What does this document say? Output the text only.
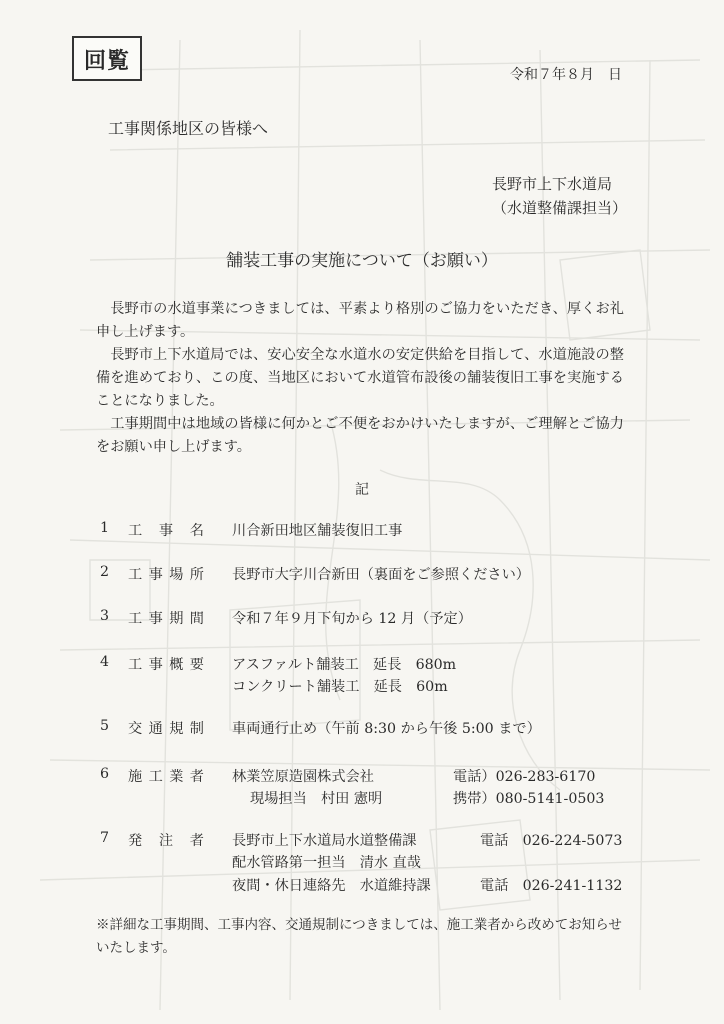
回覧
令和７年８月　日
工事関係地区の皆様へ
長野市上下水道局
（水道整備課担当）
舗装工事の実施について（お願い）

長野市の水道事業につきましては、平素より格別のご協力をいただき、厚くお礼申し上げます。

長野市上下水道局では、安心安全な水道水の安定供給を目指して、水道施設の整備を進めており、この度、当地区において水道管布設後の舗装復旧工事を実施することになりました。

工事期間中は地域の皆様に何かとご不便をおかけいたしますが、ご理解とご協力をお願い申し上げます。

記
1 工事名 川合新田地区舗装復旧工事
2 工事場所 長野市大字川合新田（裏面をご参照ください）
3 工事期間 令和７年９月下旬から 12 月（予定）
4 工事概要 アスファルト舗装工　延長　680m
コンクリート舗装工　延長　60m
5 交通規制 車両通行止め（午前 8:30 から午後 5:00 まで）
6 施工業者 林業笠原造園株式会社	電話）026-283-6170
現場担当　村田 憲明	携帯）080-5141-0503
7 発注者 長野市上下水道局水道整備課	電話　026-224-5073
配水管路第一担当　清水 直哉
夜間・休日連絡先　水道維持課	電話　026-241-1132
※詳細な工事期間、工事内容、交通規制につきましては、施工業者から改めてお知らせいたします。
